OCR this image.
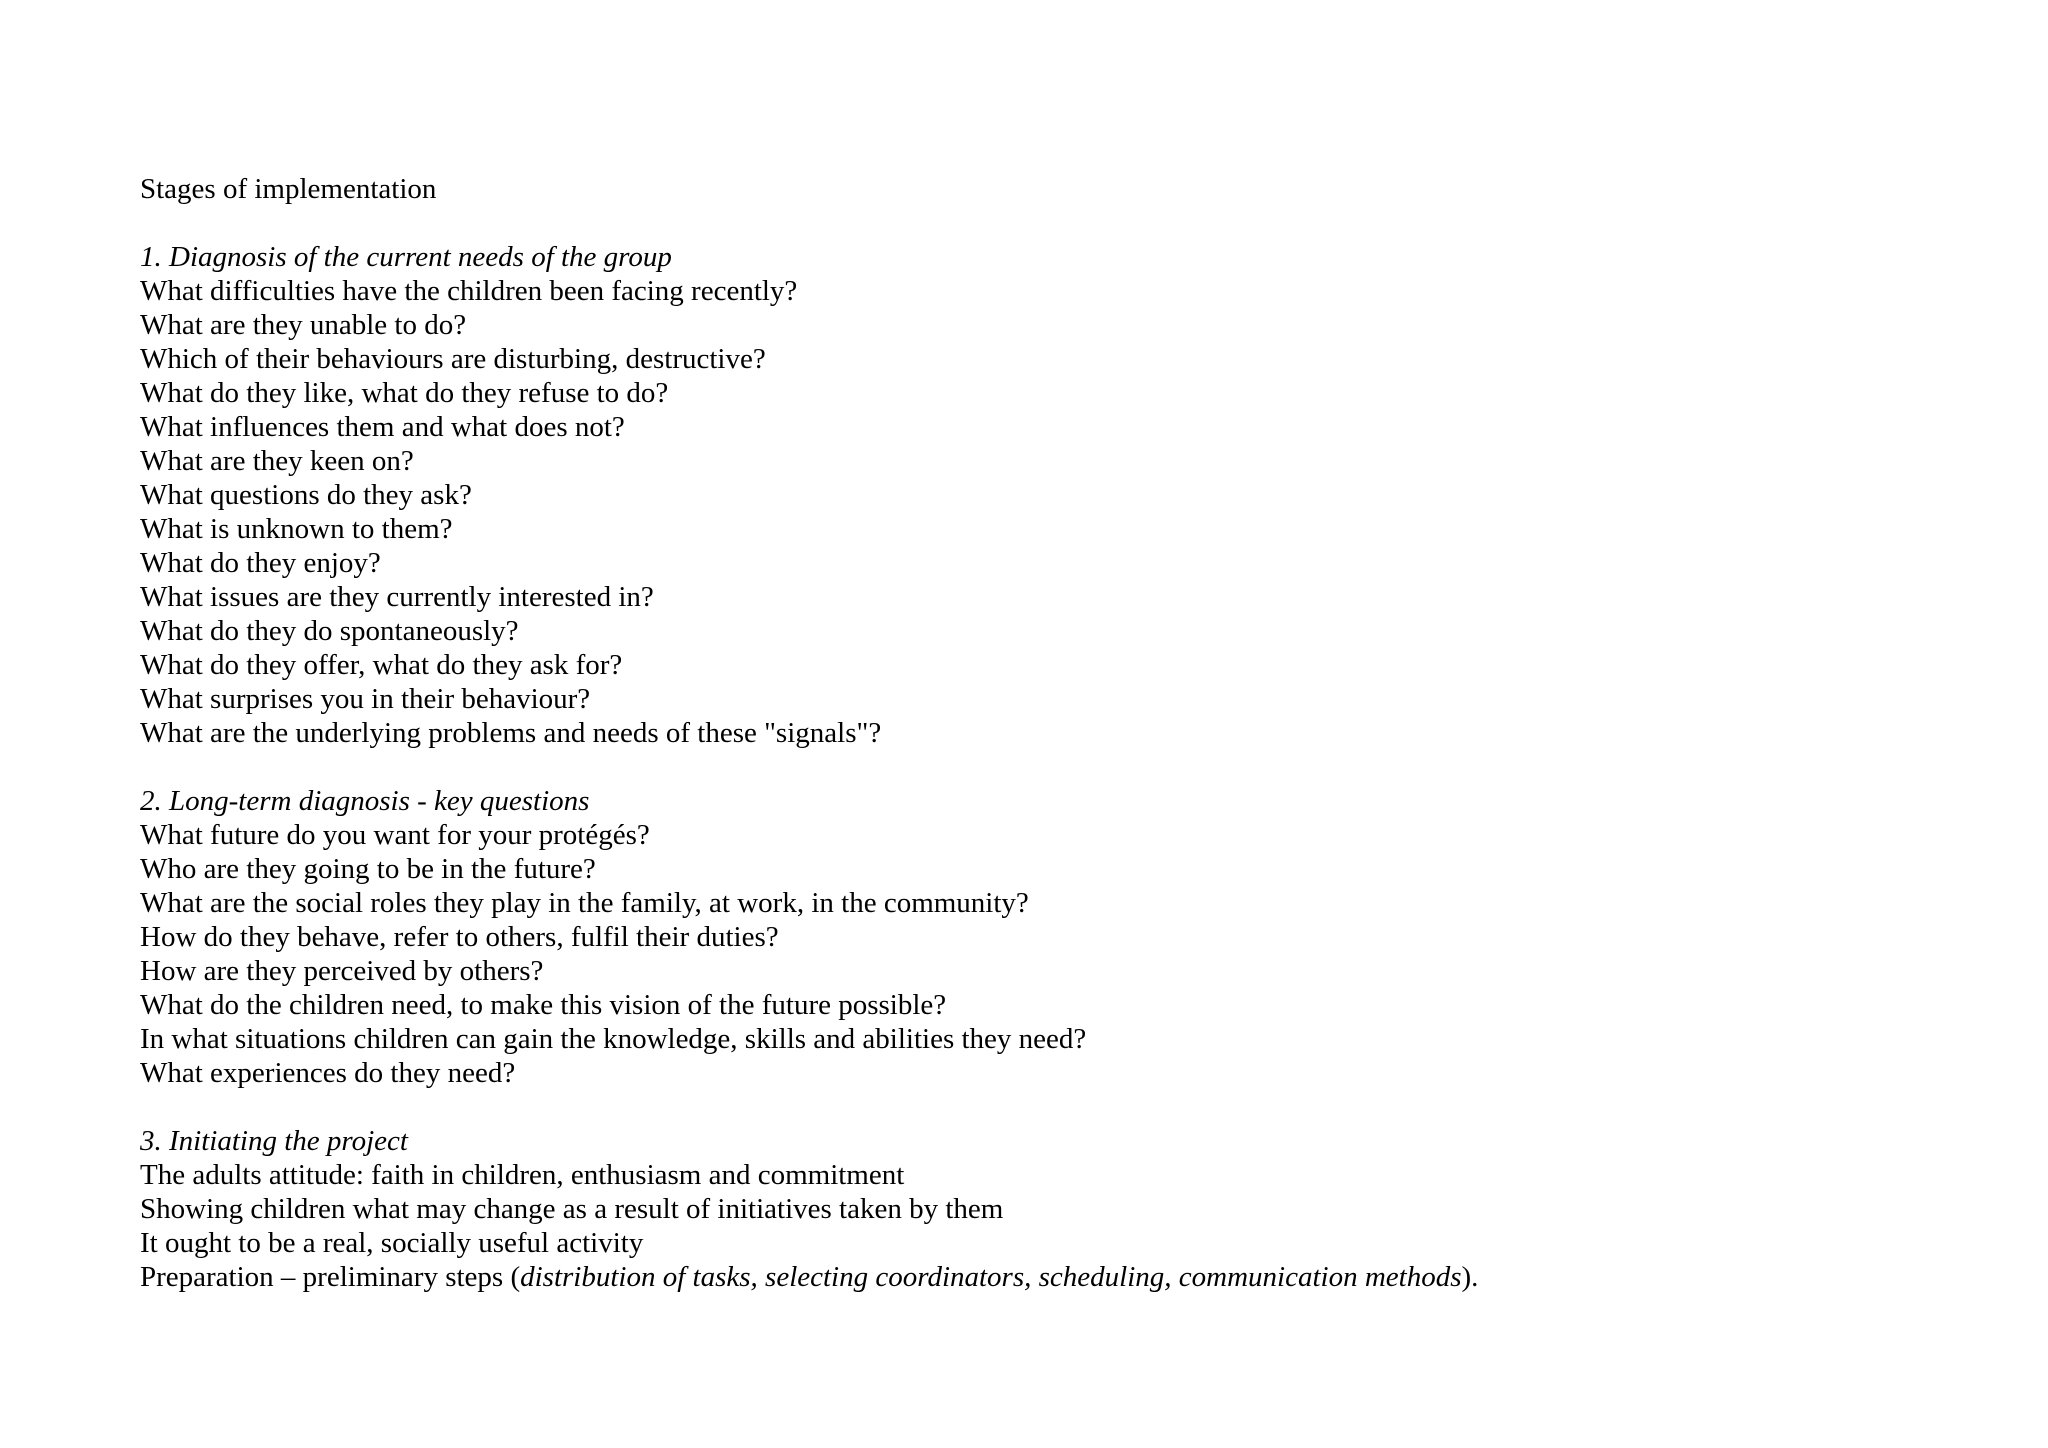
Stages of implementation

1. Diagnosis of the current needs of the group

What difficulties have the children been facing recently?

What are they unable to do?

Which of their behaviours are disturbing, destructive?

What do they like, what do they refuse to do?

What influences them and what does not?

What are they keen on?

What questions do they ask?

What is unknown to them?

What do they enjoy?

What issues are they currently interested in?

What do they do spontaneously?

What do they offer, what do they ask for?

What surprises you in their behaviour?

What are the underlying problems and needs of these "signals"?

2. Long-term diagnosis - key questions

What future do you want for your protégés?

Who are they going to be in the future?

What are the social roles they play in the family, at work, in the community?

How do they behave, refer to others, fulfil their duties?

How are they perceived by others?

What do the children need, to make this vision of the future possible?

In what situations children can gain the knowledge, skills and abilities they need?

What experiences do they need?

3. Initiating the project

The adults attitude: faith in children, enthusiasm and commitment

Showing children what may change as a result of initiatives taken by them

It ought to be a real, socially useful activity

Preparation – preliminary steps (distribution of tasks, selecting coordinators, scheduling, communication methods).
